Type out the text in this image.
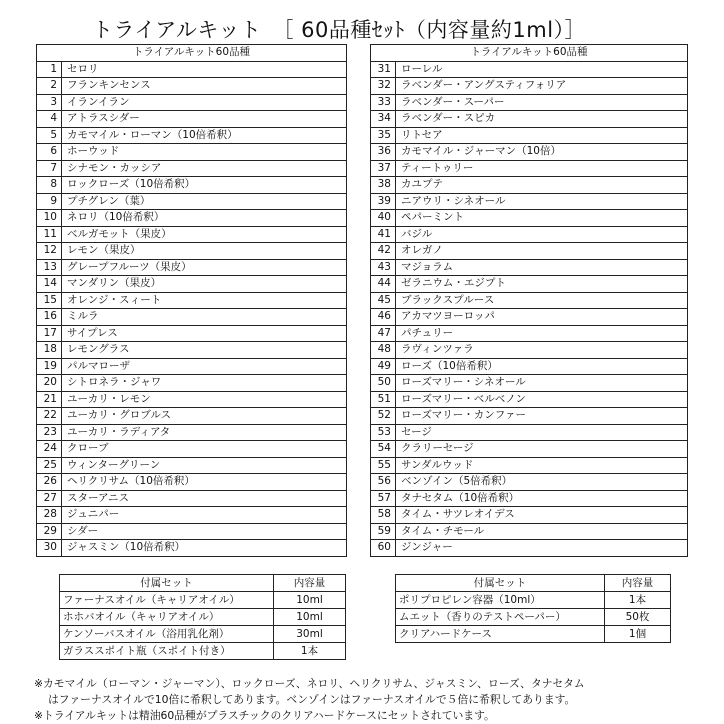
トライアルキット　［ 60品種ｾｯﾄ（内容量約1ml）］
トライアルキット60品種	
1	セロリ
2	フランキンセンス
3	イランイラン
4	アトラスシダー
5	カモマイル・ローマン（10倍希釈）
6	ホーウッド
7	シナモン・カッシア
8	ロックローズ（10倍希釈）
9	プチグレン（葉）
10	ネロリ（10倍希釈）
11	ベルガモット（果皮）
12	レモン（果皮）
13	グレープフルーツ（果皮）
14	マンダリン（果皮）
15	オレンジ・スィート
16	ミルラ
17	サイプレス
18	レモングラス
19	パルマローザ
20	シトロネラ・ジャワ
21	ユーカリ・レモン
22	ユーカリ・グロブルス
23	ユーカリ・ラディアタ
24	クローブ
25	ウィンターグリーン
26	ヘリクリサム（10倍希釈）
27	スターアニス
28	ジュニパー
29	シダー
30	ジャスミン（10倍希釈）
トライアルキット60品種	
31	ローレル
32	ラベンダー・アングスティフォリア
33	ラベンダー・スーパー
34	ラベンダー・スピカ
35	リトセア
36	カモマイル・ジャーマン（10倍）
37	ティートゥリー
38	カユプテ
39	ニアウリ・シネオール
40	ペパーミント
41	バジル
42	オレガノ
43	マジョラム
44	ゼラニウム・エジプト
45	ブラックスプルース
46	アカマツヨーロッパ
47	パチュリー
48	ラヴィンツァラ
49	ローズ（10倍希釈）
50	ローズマリー・シネオール
51	ローズマリー・ベルベノン
52	ローズマリー・カンファー
53	セージ
54	クラリーセージ
55	サンダルウッド
56	ベンゾイン（5倍希釈）
57	タナセタム（10倍希釈）
58	タイム・サツレオイデス
59	タイム・チモール
60	ジンジャー
付属セット	内容量
ファーナスオイル（キャリアオイル）	10ml
ホホバオイル（キャリアオイル）	10ml
ケンソーバスオイル（浴用乳化剤）	30ml
ガラススポイト瓶（スポイト付き）	1本
付属セット	内容量
ポリプロピレン容器（10ml）	1本
ムエット（香りのテストペーパー）	50枚
クリアハードケース	1個
※カモマイル（ローマン・ジャーマン）、ロックローズ、ネロリ、ヘリクリサム、ジャスミン、ローズ、タナセタム
はファーナスオイルで10倍に希釈してあります。ベンゾインはファーナスオイルで５倍に希釈してあります。
※トライアルキットは精油60品種がプラスチックのクリアハードケースにセットされています。
